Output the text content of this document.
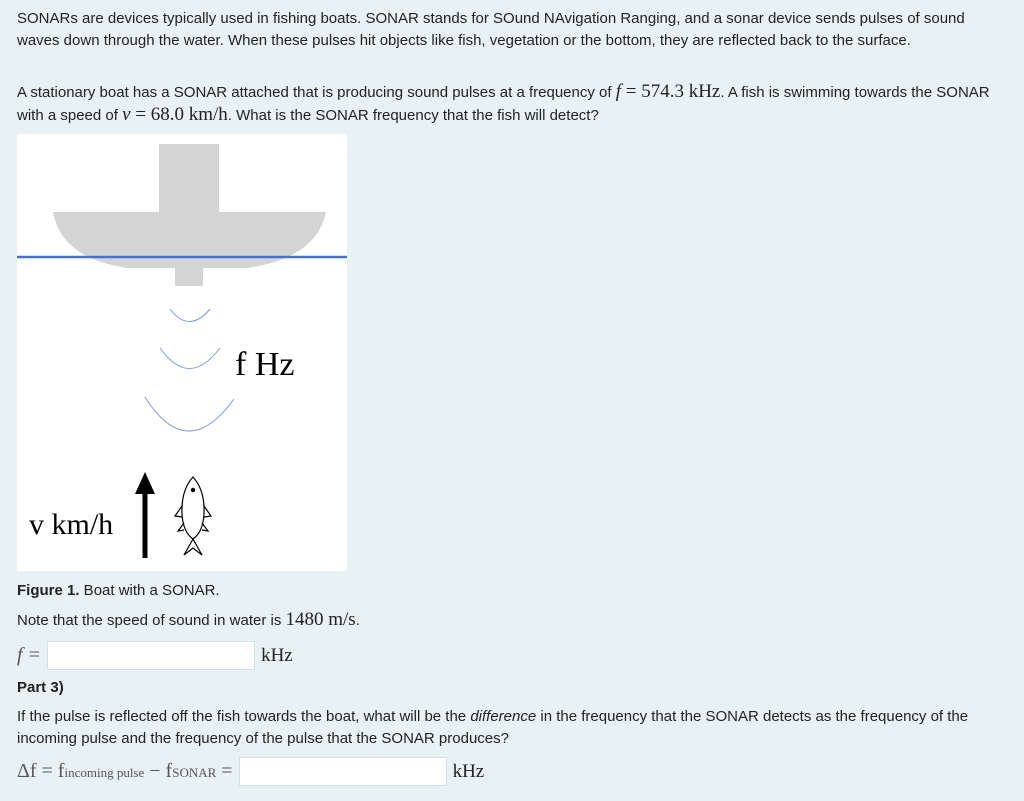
SONARs are devices typically used in fishing boats. SONAR stands for SOund NAvigation Ranging, and a sonar device sends pulses of sound waves down through the water. When these pulses hit objects like fish, vegetation or the bottom, they are reflected back to the surface.

A stationary boat has a SONAR attached that is producing sound pulses at a frequency of f = 574.3 kHz. A fish is swimming towards the SONAR with a speed of v = 68.0 km/h. What is the SONAR frequency that the fish will detect?

f Hz
v km/h
Figure 1. Boat with a SONAR.
Note that the speed of sound in water is 1480 m/s.
f =	kHz
Part 3)

If the pulse is reflected off the fish towards the boat, what will be the difference in the frequency that the SONAR detects as the frequency of the incoming pulse and the frequency of the pulse that the SONAR produces?

Δf = fincoming pulse − fSONAR =	kHz
